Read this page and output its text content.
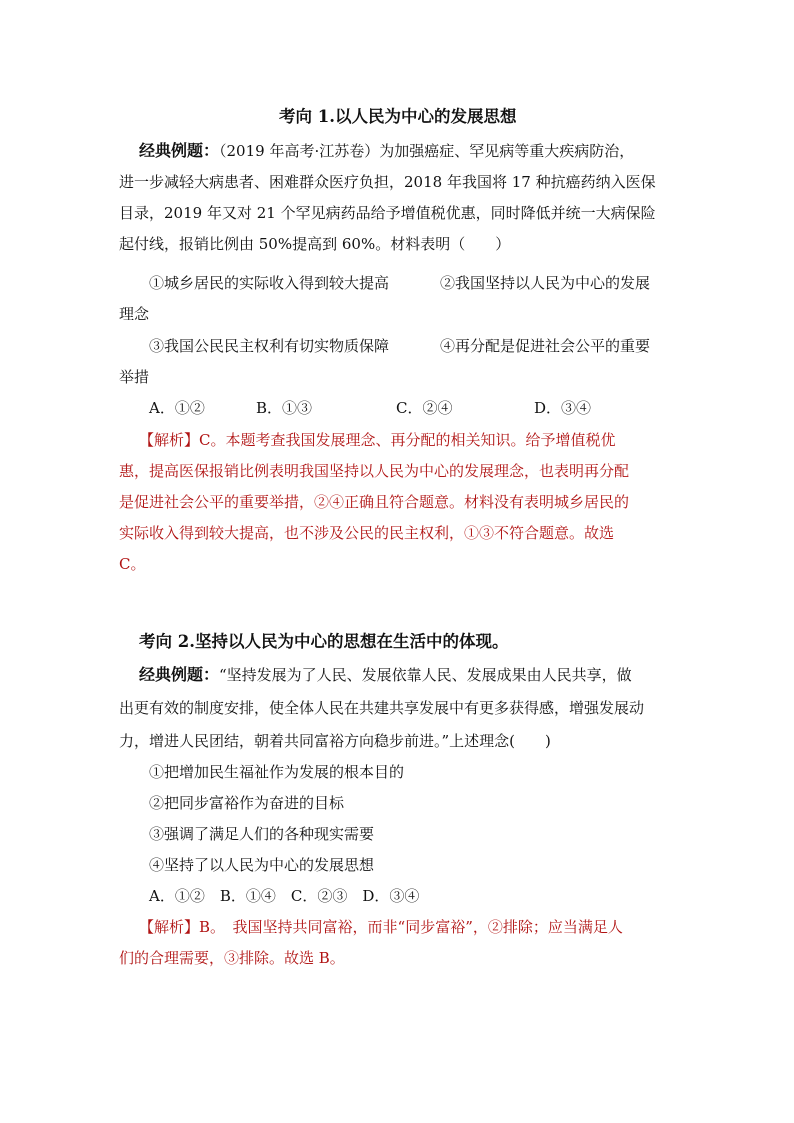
考向 1.以人民为中心的发展思想
经典例题：（2019 年高考·江苏卷）为加强癌症、罕见病等重大疾病防治，
进一步减轻大病患者、困难群众医疗负担，2018 年我国将 17 种抗癌药纳入医保
目录，2019 年又对 21 个罕见病药品给予增值税优惠，同时降低并统一大病保险
起付线，报销比例由 50%提高到 60%。材料表明（　　）
①城乡居民的实际收入得到较大提高	②我国坚持以人民为中心的发展
理念
③我国公民民主权利有切实物质保障	④再分配是促进社会公平的重要
举措
A．①②	B．①③	C．②④	D．③④
【解析】C。本题考查我国发展理念、再分配的相关知识。给予增值税优
惠，提高医保报销比例表明我国坚持以人民为中心的发展理念，也表明再分配
是促进社会公平的重要举措，②④正确且符合题意。材料没有表明城乡居民的
实际收入得到较大提高，也不涉及公民的民主权利，①③不符合题意。故选
C。
考向 2.坚持以人民为中心的思想在生活中的体现。
经典例题：“坚持发展为了人民、发展依靠人民、发展成果由人民共享，做
出更有效的制度安排，使全体人民在共建共享发展中有更多获得感，增强发展动
力，增进人民团结，朝着共同富裕方向稳步前进。”上述理念(　　)
①把增加民生福祉作为发展的根本目的
②把同步富裕作为奋进的目标
③强调了满足人们的各种现实需要
④坚持了以人民为中心的发展思想
A．①②　B．①④　C．②③　D．③④
【解析】B。　我国坚持共同富裕，而非“同步富裕”，②排除；应当满足人
们的合理需要，③排除。故选 B。
